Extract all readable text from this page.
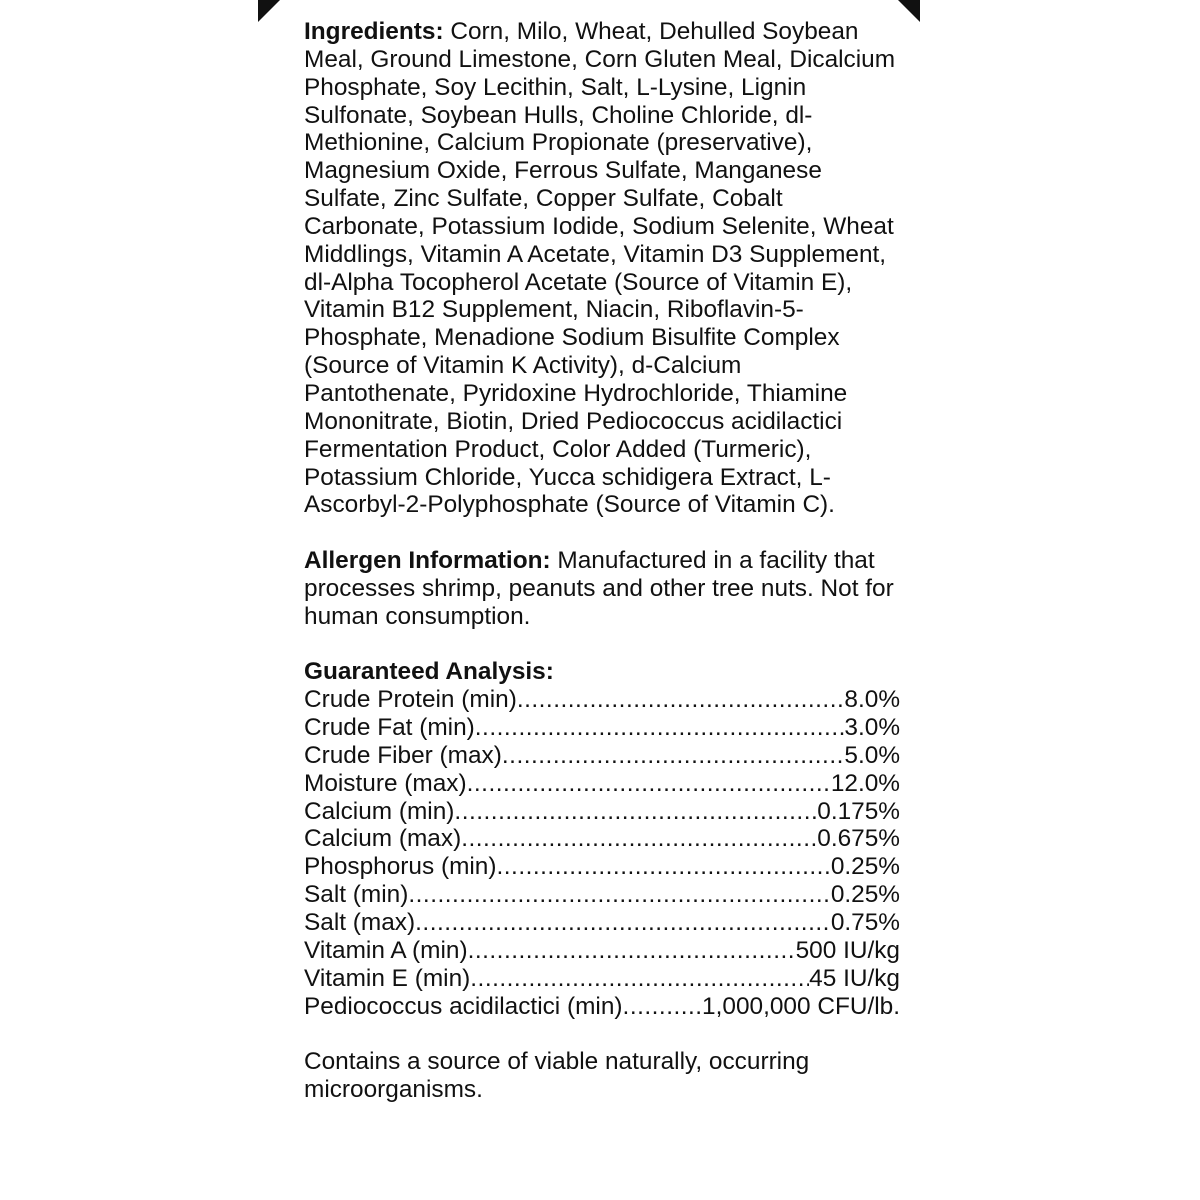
Ingredients: Corn, Milo, Wheat, Dehulled Soybean Meal, Ground Limestone, Corn Gluten Meal, Dicalcium Phosphate, Soy Lecithin, Salt, L-Lysine, Lignin Sulfonate, Soybean Hulls, Choline Chloride, dl-Methionine, Calcium Propionate (preservative), Magnesium Oxide, Ferrous Sulfate, Manganese Sulfate, Zinc Sulfate, Copper Sulfate, Cobalt Carbonate, Potassium Iodide, Sodium Selenite, Wheat Middlings, Vitamin A Acetate, Vitamin D3 Supplement, dl-Alpha Tocopherol Acetate (Source of Vitamin E), Vitamin B12 Supplement, Niacin, Riboflavin-5-Phosphate, Menadione Sodium Bisulfite Complex (Source of Vitamin K Activity), d-Calcium Pantothenate, Pyridoxine Hydrochloride, Thiamine Mononitrate, Biotin, Dried Pediococcus acidilactici Fermentation Product, Color Added (Turmeric), Potassium Chloride, Yucca schidigera Extract, L-Ascorbyl-2-Polyphosphate (Source of Vitamin C).

Allergen Information: Manufactured in a facility that processes shrimp, peanuts and other tree nuts. Not for human consumption.

Guaranteed Analysis:
Crude Protein (min) .....	8.0%
Crude Fat (min) .....	3.0%
Crude Fiber (max) .....	5.0%
Moisture (max) .....	12.0%
Calcium (min) .....	0.175%
Calcium (max) .....	0.675%
Phosphorus (min) .....	0.25%
Salt (min) .....	0.25%
Salt (max) .....	0.75%
Vitamin A (min) .....	500 IU/kg
Vitamin E (min) .....	45 IU/kg
Pediococcus acidilactici (min) .....	1,000,000 CFU/lb.

Contains a source of viable naturally, occurring microorganisms.
